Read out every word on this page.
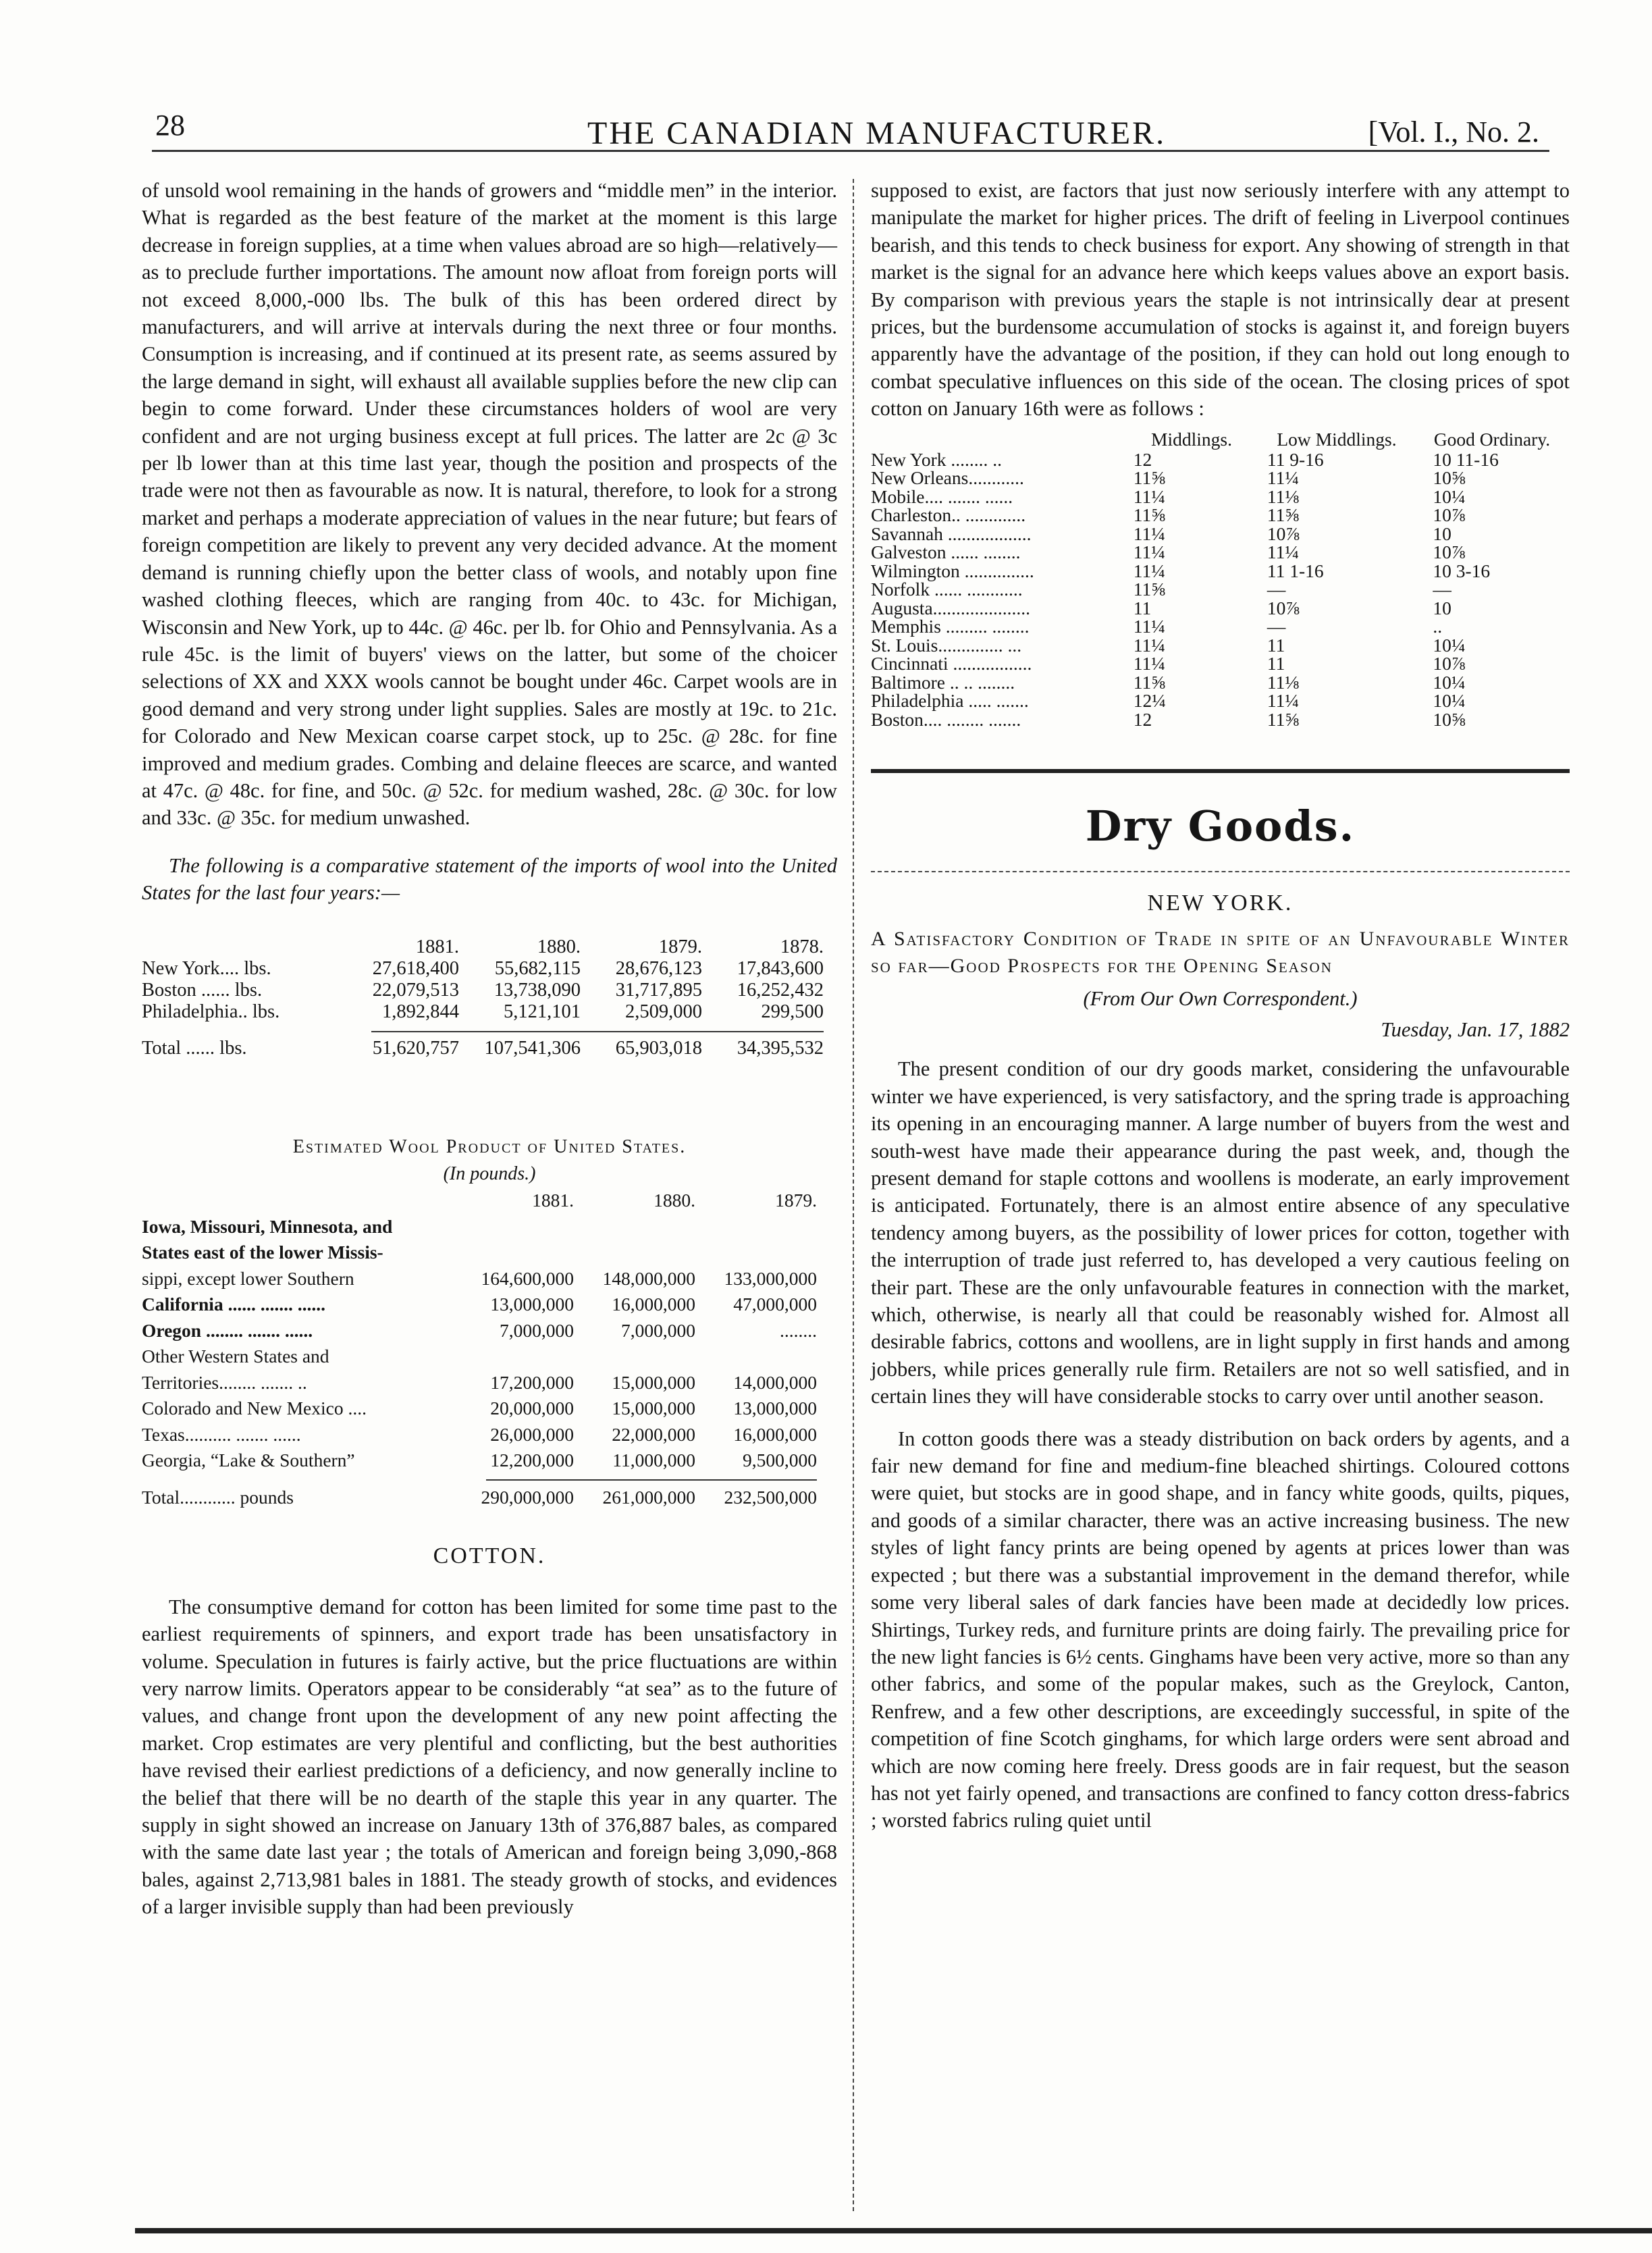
28	THE CANADIAN MANUFACTURER.	[Vol. I., No. 2.

of unsold wool remaining in the hands of growers and “middle men” in the interior. What is regarded as the best feature of the market at the moment is this large decrease in foreign supplies, at a time when values abroad are so high—relatively—as to preclude further importations. The amount now afloat from foreign ports will not exceed 8,000,-000 lbs. The bulk of this has been ordered direct by manufacturers, and will arrive at intervals during the next three or four months. Consumption is increasing, and if continued at its present rate, as seems assured by the large demand in sight, will exhaust all available supplies before the new clip can begin to come forward. Under these circumstances holders of wool are very confident and are not urging business except at full prices. The latter are 2c @ 3c per lb lower than at this time last year, though the position and prospects of the trade were not then as favourable as now. It is natural, therefore, to look for a strong market and perhaps a moderate appreciation of values in the near future; but fears of foreign competition are likely to prevent any very decided advance. At the moment demand is running chiefly upon the better class of wools, and notably upon fine washed clothing fleeces, which are ranging from 40c. to 43c. for Michigan, Wisconsin and New York, up to 44c. @ 46c. per lb. for Ohio and Pennsylvania. As a rule 45c. is the limit of buyers' views on the latter, but some of the choicer selections of XX and XXX wools cannot be bought under 46c. Carpet wools are in good demand and very strong under light supplies. Sales are mostly at 19c. to 21c. for Colorado and New Mexican coarse carpet stock, up to 25c. @ 28c. for fine improved and medium grades. Combing and delaine fleeces are scarce, and wanted at 47c. @ 48c. for fine, and 50c. @ 52c. for medium washed, 28c. @ 30c. for low and 33c. @ 35c. for medium unwashed.

The following is a comparative statement of the imports of wool into the United States for the last four years:—

	1881.	1880.	1879.	1878.
New York.... lbs.	27,618,400	55,682,115	28,676,123	17,843,600
Boston ...... lbs.	22,079,513	13,738,090	31,717,895	16,252,432
Philadelphia.. lbs.	1,892,844	5,121,101	2,509,000	299,500

Total ...... lbs.	51,620,757	107,541,306	65,903,018	34,395,532

Estimated Wool Product of United States.

(In pounds.)

	1881.	1880.	1879.
Iowa, Missouri, Minnesota, and			
States east of the lower Missis-			
sippi, except lower Southern	164,600,000	148,000,000	133,000,000
California ...... ....... ......	13,000,000	16,000,000	47,000,000
Oregon ........ ....... ......	7,000,000	7,000,000	........
Other Western States and			
Territories........ ....... ..	17,200,000	15,000,000	14,000,000
Colorado and New Mexico ....	20,000,000	15,000,000	13,000,000
Texas.......... ....... ......	26,000,000	22,000,000	16,000,000
Georgia, “Lake & Southern”	12,200,000	11,000,000	9,500,000

Total............ pounds	290,000,000	261,000,000	232,500,000

COTTON.

The consumptive demand for cotton has been limited for some time past to the earliest requirements of spinners, and export trade has been unsatisfactory in volume. Speculation in futures is fairly active, but the price fluctuations are within very narrow limits. Operators appear to be considerably “at sea” as to the future of values, and change front upon the development of any new point affecting the market. Crop estimates are very plentiful and conflicting, but the best authorities have revised their earliest predictions of a deficiency, and now generally incline to the belief that there will be no dearth of the staple this year in any quarter. The supply in sight showed an increase on January 13th of 376,887 bales, as compared with the same date last year ; the totals of American and foreign being 3,090,-868 bales, against 2,713,981 bales in 1881. The steady growth of stocks, and evidences of a larger invisible supply than had been previously

supposed to exist, are factors that just now seriously interfere with any attempt to manipulate the market for higher prices. The drift of feeling in Liverpool continues bearish, and this tends to check business for export. Any showing of strength in that market is the signal for an advance here which keeps values above an export basis. By comparison with previous years the staple is not intrinsically dear at present prices, but the burdensome accumulation of stocks is against it, and foreign buyers apparently have the advantage of the position, if they can hold out long enough to combat speculative influences on this side of the ocean. The closing prices of spot cotton on January 16th were as follows :

	Middlings.	Low Middlings.	Good Ordinary.
New York ........ ..	12	11 9-16	10 11-16
New Orleans............	11⅝	11¼	10⅝
Mobile.... ....... ......	11¼	11⅛	10¼
Charleston.. .............	11⅝	11⅝	10⅞
Savannah ..................	11¼	10⅞	10
Galveston ...... ........	11¼	11¼	10⅞
Wilmington ...............	11¼	11 1-16	10 3-16
Norfolk ...... ............	11⅝	—	—
Augusta.....................	11	10⅞	10
Memphis ......... ........	11¼	—	..
St. Louis.............. ...	11¼	11	10¼
Cincinnati .................	11¼	11	10⅞
Baltimore .. .. ........	11⅝	11⅛	10¼
Philadelphia ..... .......	12¼	11¼	10¼
Boston.... ........ .......	12	11⅝	10⅝
Dry Goods.

NEW YORK.

A Satisfactory Condition of Trade in spite of an Unfavourable Winter so far—Good Prospects for the Opening Season

(From Our Own Correspondent.)

Tuesday, Jan. 17, 1882

The present condition of our dry goods market, considering the unfavourable winter we have experienced, is very satisfactory, and the spring trade is approaching its opening in an encouraging manner. A large number of buyers from the west and south-west have made their appearance during the past week, and, though the present demand for staple cottons and woollens is moderate, an early improvement is anticipated. Fortunately, there is an almost entire absence of any speculative tendency among buyers, as the possibility of lower prices for cotton, together with the interruption of trade just referred to, has developed a very cautious feeling on their part. These are the only unfavourable features in connection with the market, which, otherwise, is nearly all that could be reasonably wished for. Almost all desirable fabrics, cottons and woollens, are in light supply in first hands and among jobbers, while prices generally rule firm. Retailers are not so well satisfied, and in certain lines they will have considerable stocks to carry over until another season.

In cotton goods there was a steady distribution on back orders by agents, and a fair new demand for fine and medium-fine bleached shirtings. Coloured cottons were quiet, but stocks are in good shape, and in fancy white goods, quilts, piques, and goods of a similar character, there was an active increasing business. The new styles of light fancy prints are being opened by agents at prices lower than was expected ; but there was a substantial improvement in the demand therefor, while some very liberal sales of dark fancies have been made at decidedly low prices. Shirtings, Turkey reds, and furniture prints are doing fairly. The prevailing price for the new light fancies is 6½ cents. Ginghams have been very active, more so than any other fabrics, and some of the popular makes, such as the Greylock, Canton, Renfrew, and a few other descriptions, are exceedingly successful, in spite of the competition of fine Scotch ginghams, for which large orders were sent abroad and which are now coming here freely. Dress goods are in fair request, but the season has not yet fairly opened, and transactions are confined to fancy cotton dress-fabrics ; worsted fabrics ruling quiet until
